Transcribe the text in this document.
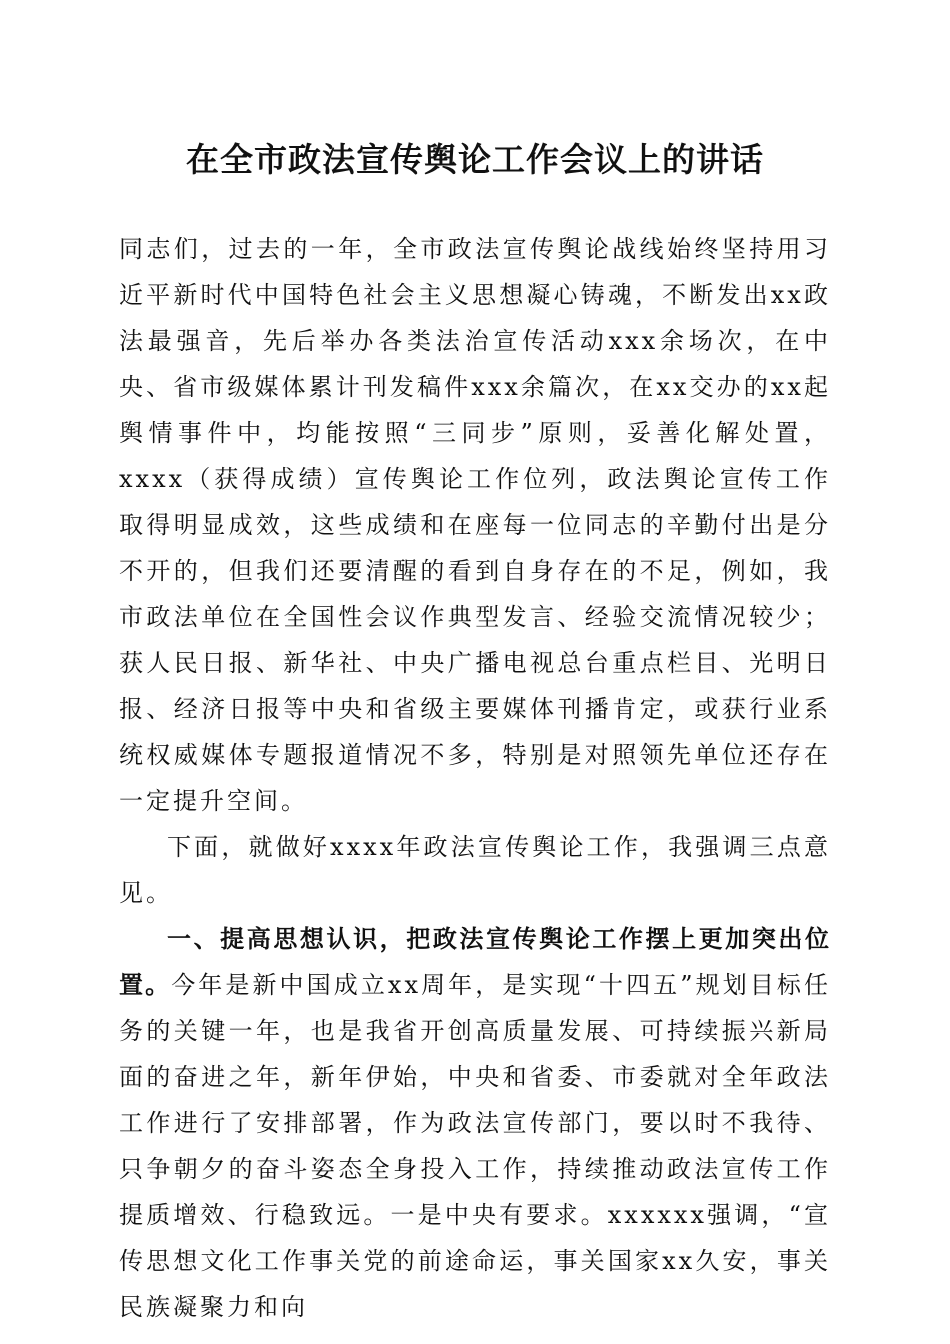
在全市政法宣传舆论工作会议上的讲话

同志们，过去的一年，全市政法宣传舆论战线始终坚持用习近平新时代中国特色社会主义思想凝心铸魂，不断发出xx政法最强音，先后举办各类法治宣传活动xxx余场次，在中央、省市级媒体累计刊发稿件xxx余篇次，在xx交办的xx起舆情事件中，均能按照“三同步”原则，妥善化解处置，xxxx（获得成绩）宣传舆论工作位列，政法舆论宣传工作取得明显成效，这些成绩和在座每一位同志的辛勤付出是分不开的，但我们还要清醒的看到自身存在的不足，例如，我市政法单位在全国性会议作典型发言、经验交流情况较少；获人民日报、新华社、中央广播电视总台重点栏目、光明日报、经济日报等中央和省级主要媒体刊播肯定，或获行业系统权威媒体专题报道情况不多，特别是对照领先单位还存在一定提升空间。

下面，就做好xxxx年政法宣传舆论工作，我强调三点意见。

一、提高思想认识，把政法宣传舆论工作摆上更加突出位置。今年是新中国成立xx周年，是实现“十四五”规划目标任务的关键一年，也是我省开创高质量发展、可持续振兴新局面的奋进之年，新年伊始，中央和省委、市委就对全年政法工作进行了安排部署，作为政法宣传部门，要以时不我待、只争朝夕的奋斗姿态全身投入工作，持续推动政法宣传工作提质增效、行稳致远。一是中央有要求。xxxxxx强调，“宣传思想文化工作事关党的前途命运，事关国家xx久安，事关民族凝聚力和向
